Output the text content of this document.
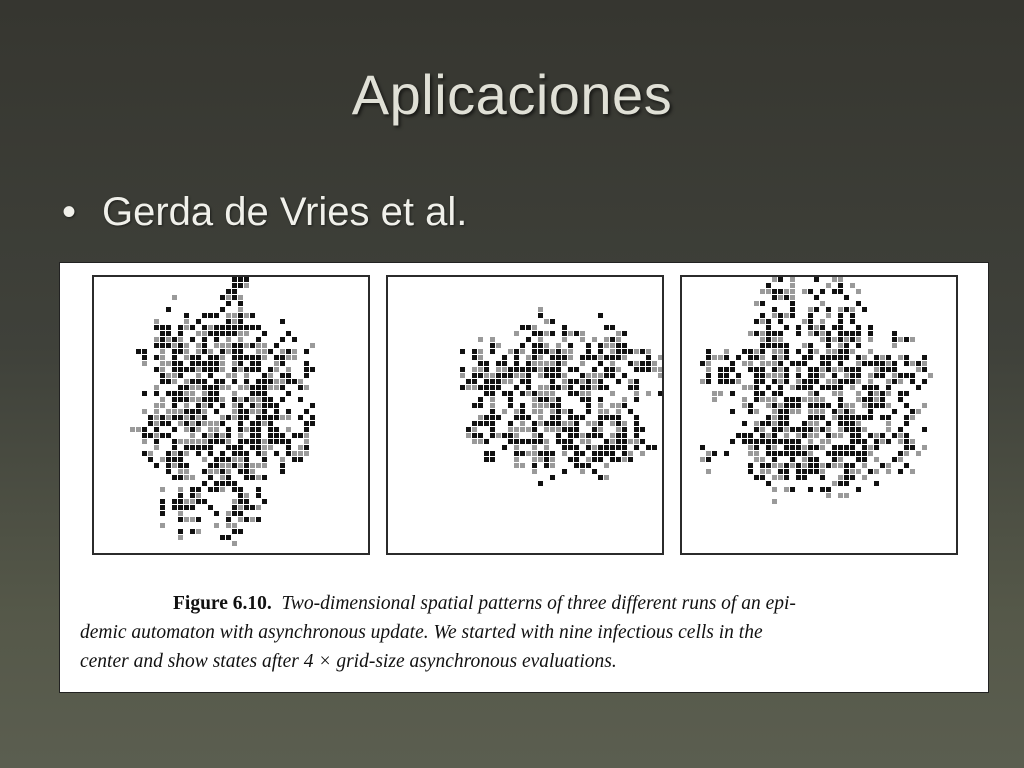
Aplicaciones
• Gerda de Vries et al.
Figure 6.10. Two-dimensional spatial patterns of three different runs of an epi-
demic automaton with asynchronous update. We started with nine infectious cells in the
center and show states after 4 × grid-size asynchronous evaluations.
